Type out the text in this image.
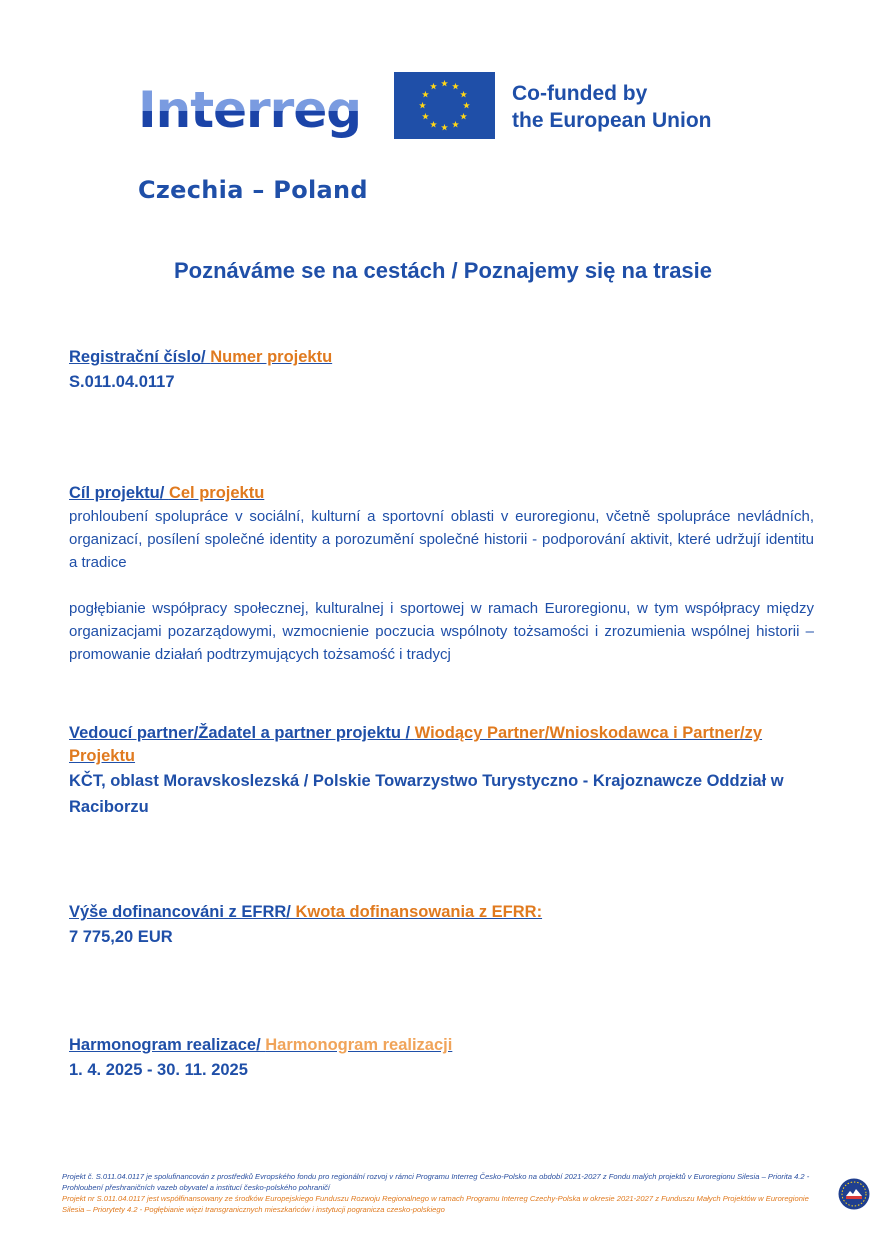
Interreg	Co-funded by
the European Union
Czechia – Poland
Poznáváme se na cestách / Poznajemy się na trasie
Registrační číslo/ Numer projektu
S.011.04.0117
Cíl projektu/ Cel projektu
prohloubení spolupráce v sociální, kulturní a sportovní oblasti v euroregionu, včetně spolupráce nevládních, organizací, posílení společné identity a porozumění společné historii - podporování aktivit, které udržují identitu a tradice
pogłębianie współpracy społecznej, kulturalnej i sportowej w ramach Euroregionu, w tym współpracy między organizacjami pozarządowymi, wzmocnienie poczucia wspólnoty tożsamości i zrozumienia wspólnej historii – promowanie działań podtrzymujących tożsamość i tradycj
Vedoucí partner/Žadatel a partner projektu / Wiodący Partner/Wnioskodawca i Partner/zy Projektu
KČT, oblast Moravskoslezská / Polskie Towarzystwo Turystyczno - Krajoznawcze Oddział w Raciborzu
Výše dofinancováni z EFRR/ Kwota dofinansowania z EFRR:
7 775,20 EUR
Harmonogram realizace/ Harmonogram realizacji
1. 4. 2025 - 30. 11. 2025
Projekt č. S.011.04.0117 je spolufinancován z prostředků Evropského fondu pro regionální rozvoj v rámci Programu Interreg Česko-Polsko na období 2021-2027 z Fondu malých projektů v Euroregionu Silesia – Priorita 4.2 - Prohloubení přeshraničních vazeb obyvatel a institucí česko-polského pohraničí
Projekt nr S.011.04.0117 jest współfinansowany ze środków Europejskiego Funduszu Rozwoju Regionalnego w ramach Programu Interreg Czechy-Polska w okresie 2021-2027 z Funduszu Małych Projektów w Euroregionie Silesia – Priorytety 4.2 - Pogłębianie więzi transgranicznych mieszkańców i instytucji pogranicza czesko-polskiego
